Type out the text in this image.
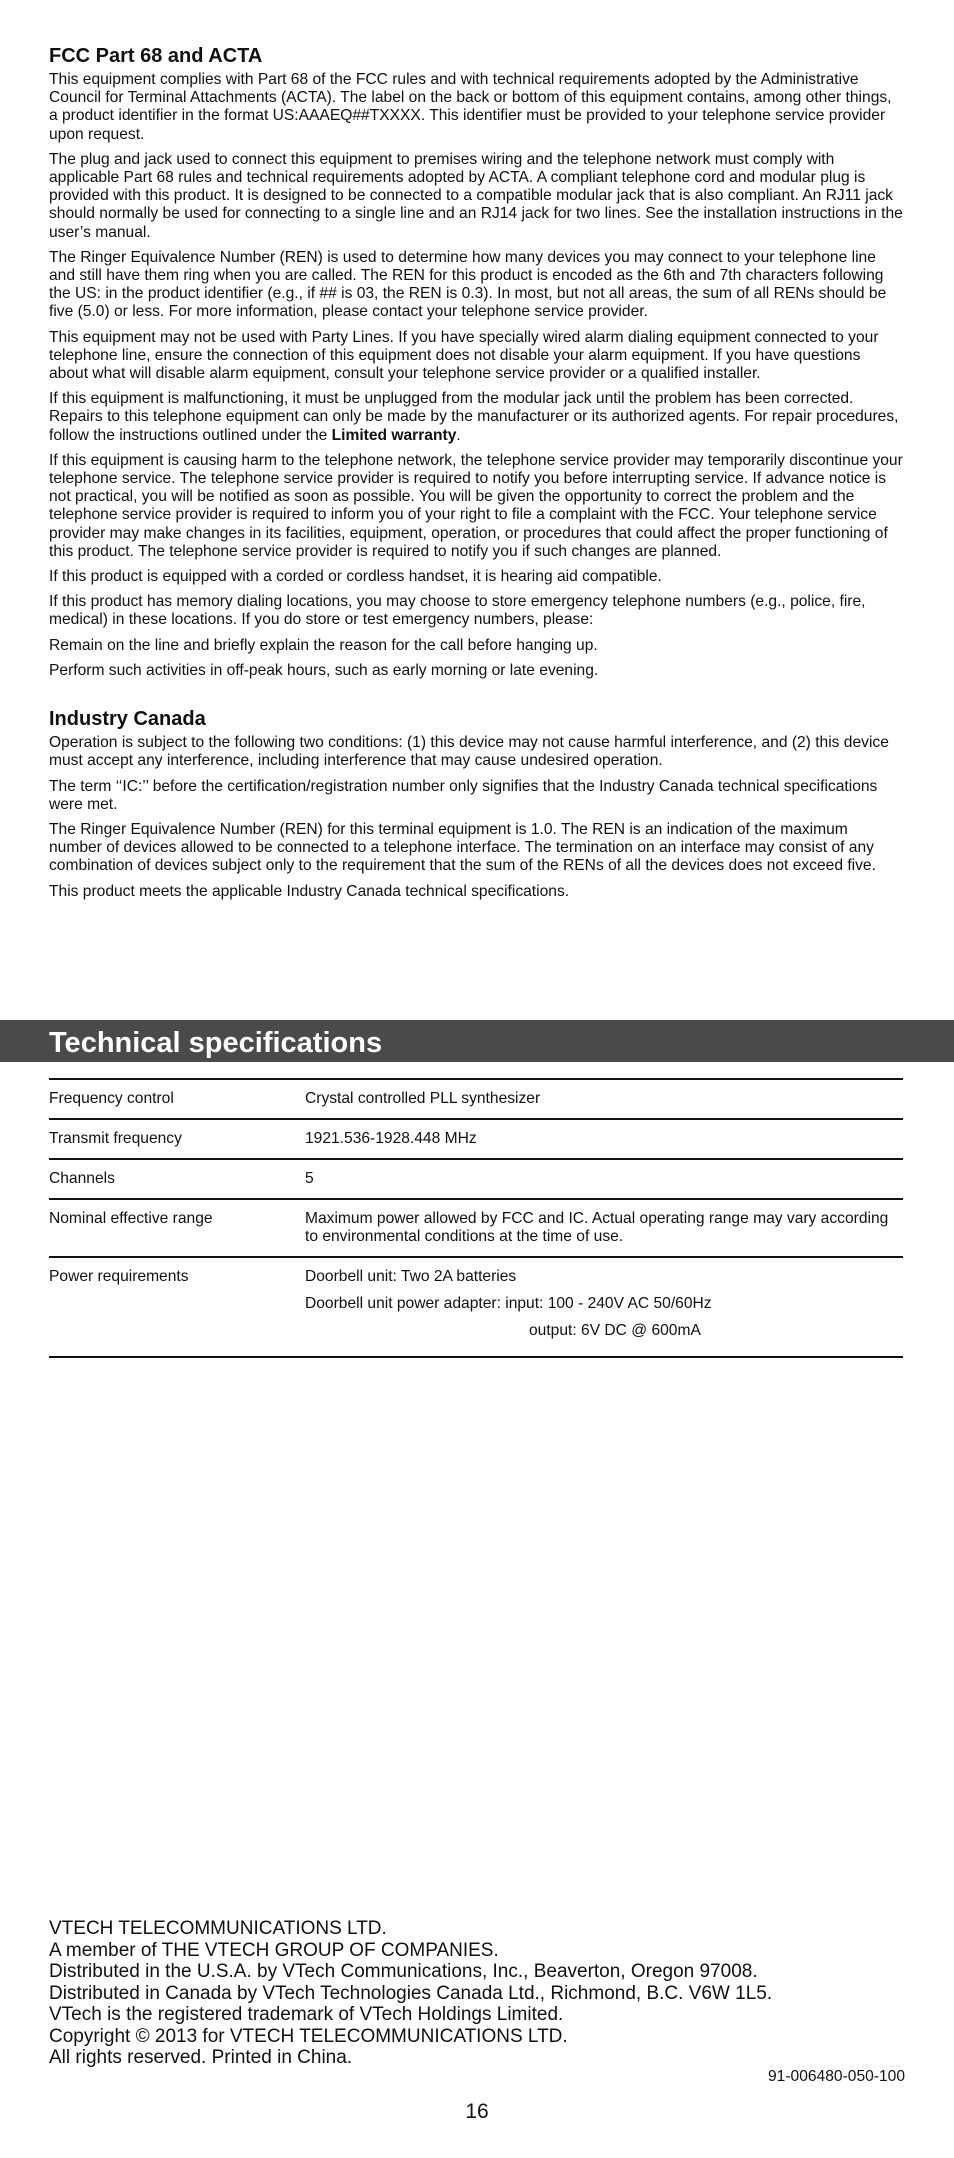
FCC Part 68 and ACTA

This equipment complies with Part 68 of the FCC rules and with technical requirements adopted by the Administrative Council for Terminal Attachments (ACTA). The label on the back or bottom of this equipment contains, among other things, a product identifier in the format US:AAAEQ##TXXXX. This identifier must be provided to your telephone service provider upon request.

The plug and jack used to connect this equipment to premises wiring and the telephone network must comply with applicable Part 68 rules and technical requirements adopted by ACTA. A compliant telephone cord and modular plug is provided with this product. It is designed to be connected to a compatible modular jack that is also compliant. An RJ11 jack should normally be used for connecting to a single line and an RJ14 jack for two lines. See the installation instructions in the user’s manual.

The Ringer Equivalence Number (REN) is used to determine how many devices you may connect to your telephone line and still have them ring when you are called. The REN for this product is encoded as the 6th and 7th characters following the US: in the product identifier (e.g., if ## is 03, the REN is 0.3). In most, but not all areas, the sum of all RENs should be five (5.0) or less. For more information, please contact your telephone service provider.

This equipment may not be used with Party Lines. If you have specially wired alarm dialing equipment connected to your telephone line, ensure the connection of this equipment does not disable your alarm equipment. If you have questions about what will disable alarm equipment, consult your telephone service provider or a qualified installer.

If this equipment is malfunctioning, it must be unplugged from the modular jack until the problem has been corrected. Repairs to this telephone equipment can only be made by the manufacturer or its authorized agents. For repair procedures, follow the instructions outlined under the Limited warranty.

If this equipment is causing harm to the telephone network, the telephone service provider may temporarily discontinue your telephone service. The telephone service provider is required to notify you before interrupting service. If advance notice is not practical, you will be notified as soon as possible. You will be given the opportunity to correct the problem and the telephone service provider is required to inform you of your right to file a complaint with the FCC. Your telephone service provider may make changes in its facilities, equipment, operation, or procedures that could affect the proper functioning of this product. The telephone service provider is required to notify you if such changes are planned.

If this product is equipped with a corded or cordless handset, it is hearing aid compatible.

If this product has memory dialing locations, you may choose to store emergency telephone numbers (e.g., police, fire, medical) in these locations. If you do store or test emergency numbers, please:

Remain on the line and briefly explain the reason for the call before hanging up.

Perform such activities in off-peak hours, such as early morning or late evening.

Industry Canada

Operation is subject to the following two conditions: (1) this device may not cause harmful interference, and (2) this device must accept any interference, including interference that may cause undesired operation.

The term ‘‘IC:’’ before the certification/registration number only signifies that the Industry Canada technical specifications were met.

The Ringer Equivalence Number (REN) for this terminal equipment is 1.0. The REN is an indication of the maximum number of devices allowed to be connected to a telephone interface. The termination on an interface may consist of any combination of devices subject only to the requirement that the sum of the RENs of all the devices does not exceed five.

This product meets the applicable Industry Canada technical specifications.

Technical specifications
Frequency control	Crystal controlled PLL synthesizer
Transmit frequency	1921.536-1928.448 MHz
Channels	5
Nominal effective range	Maximum power allowed by FCC and IC. Actual operating range may vary according to environmental conditions at the time of use.
Power requirements	Doorbell unit: Two 2A batteries
Doorbell unit power adapter: input: 100 - 240V AC 50/60Hz
output: 6V DC @ 600mA
VTECH TELECOMMUNICATIONS LTD.
A member of THE VTECH GROUP OF COMPANIES.
Distributed in the U.S.A. by VTech Communications, Inc., Beaverton, Oregon 97008.
Distributed in Canada by VTech Technologies Canada Ltd., Richmond, B.C. V6W 1L5.
VTech is the registered trademark of VTech Holdings Limited.
Copyright © 2013 for VTECH TELECOMMUNICATIONS LTD.
All rights reserved. Printed in China.
91-006480-050-100
16
